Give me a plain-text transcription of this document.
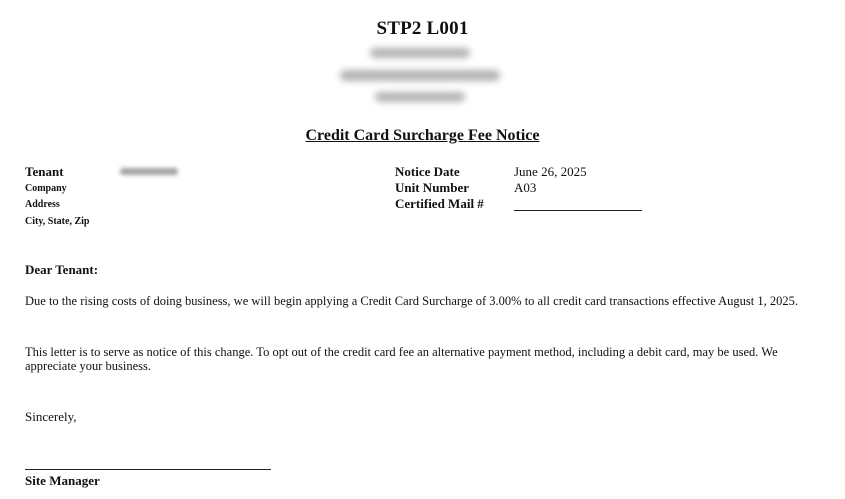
STP2 L001
Credit Card Surcharge Fee Notice
Tenant
Company
Address
City, State, Zip
Notice Date	June 26, 2025
Unit Number	A03
Certified Mail #
Dear Tenant:
Due to the rising costs of doing business, we will begin applying a Credit Card Surcharge of 3.00% to all credit card transactions effective August 1, 2025.
This letter is to serve as notice of this change. To opt out of the credit card fee an alternative payment method, including a debit card, may be used. We appreciate your business.
Sincerely,
Site Manager
